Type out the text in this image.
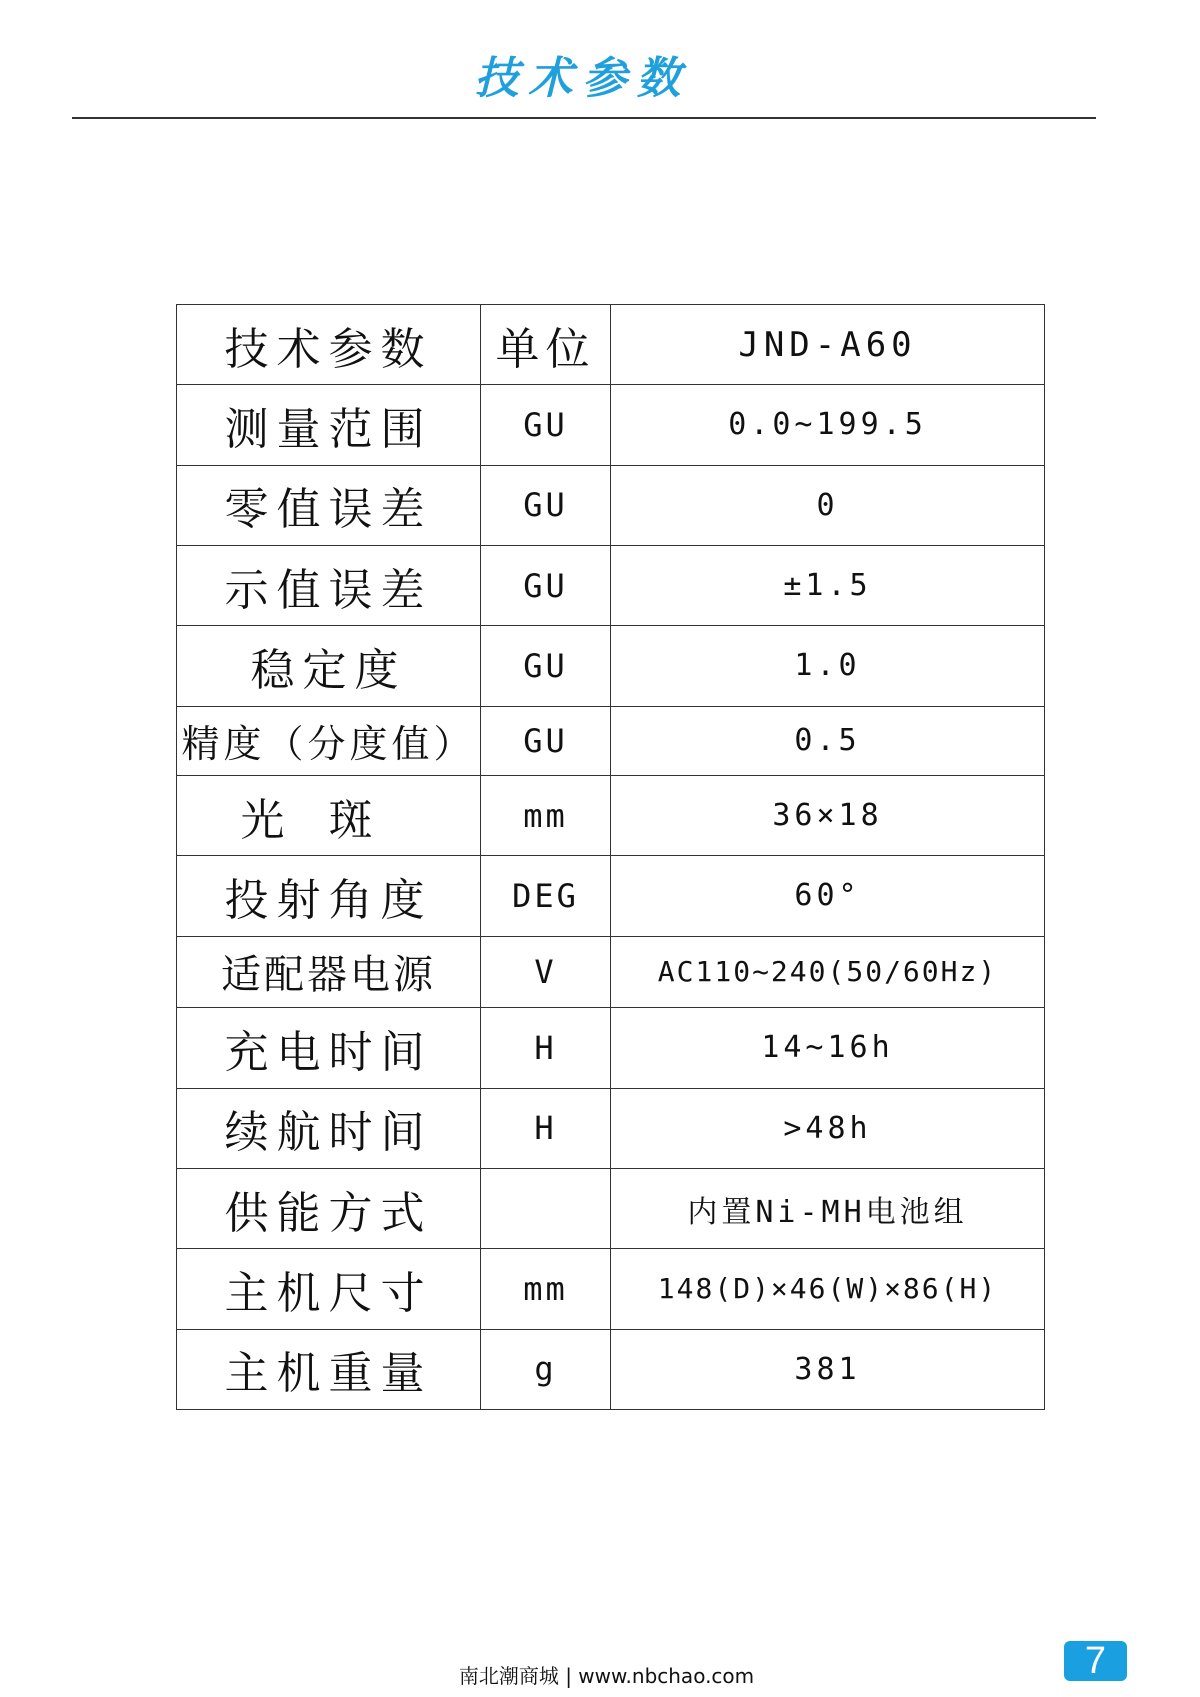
技术参数
技术参数	单位	JND-A60
测量范围	GU	0.0~199.5
零值误差	GU	0
示值误差	GU	±1.5
稳定度	GU	1.0
精度（分度值）	GU	0.5
光斑	mm	36×18
投射角度	DEG	60°
适配器电源	V	AC110~240(50/60Hz)
充电时间	H	14~16h
续航时间	H	>48h
供能方式		内置Ni-MH电池组
主机尺寸	mm	148(D)×46(W)×86(H)
主机重量	g	381
南北潮商城 | www.nbchao.com	7
